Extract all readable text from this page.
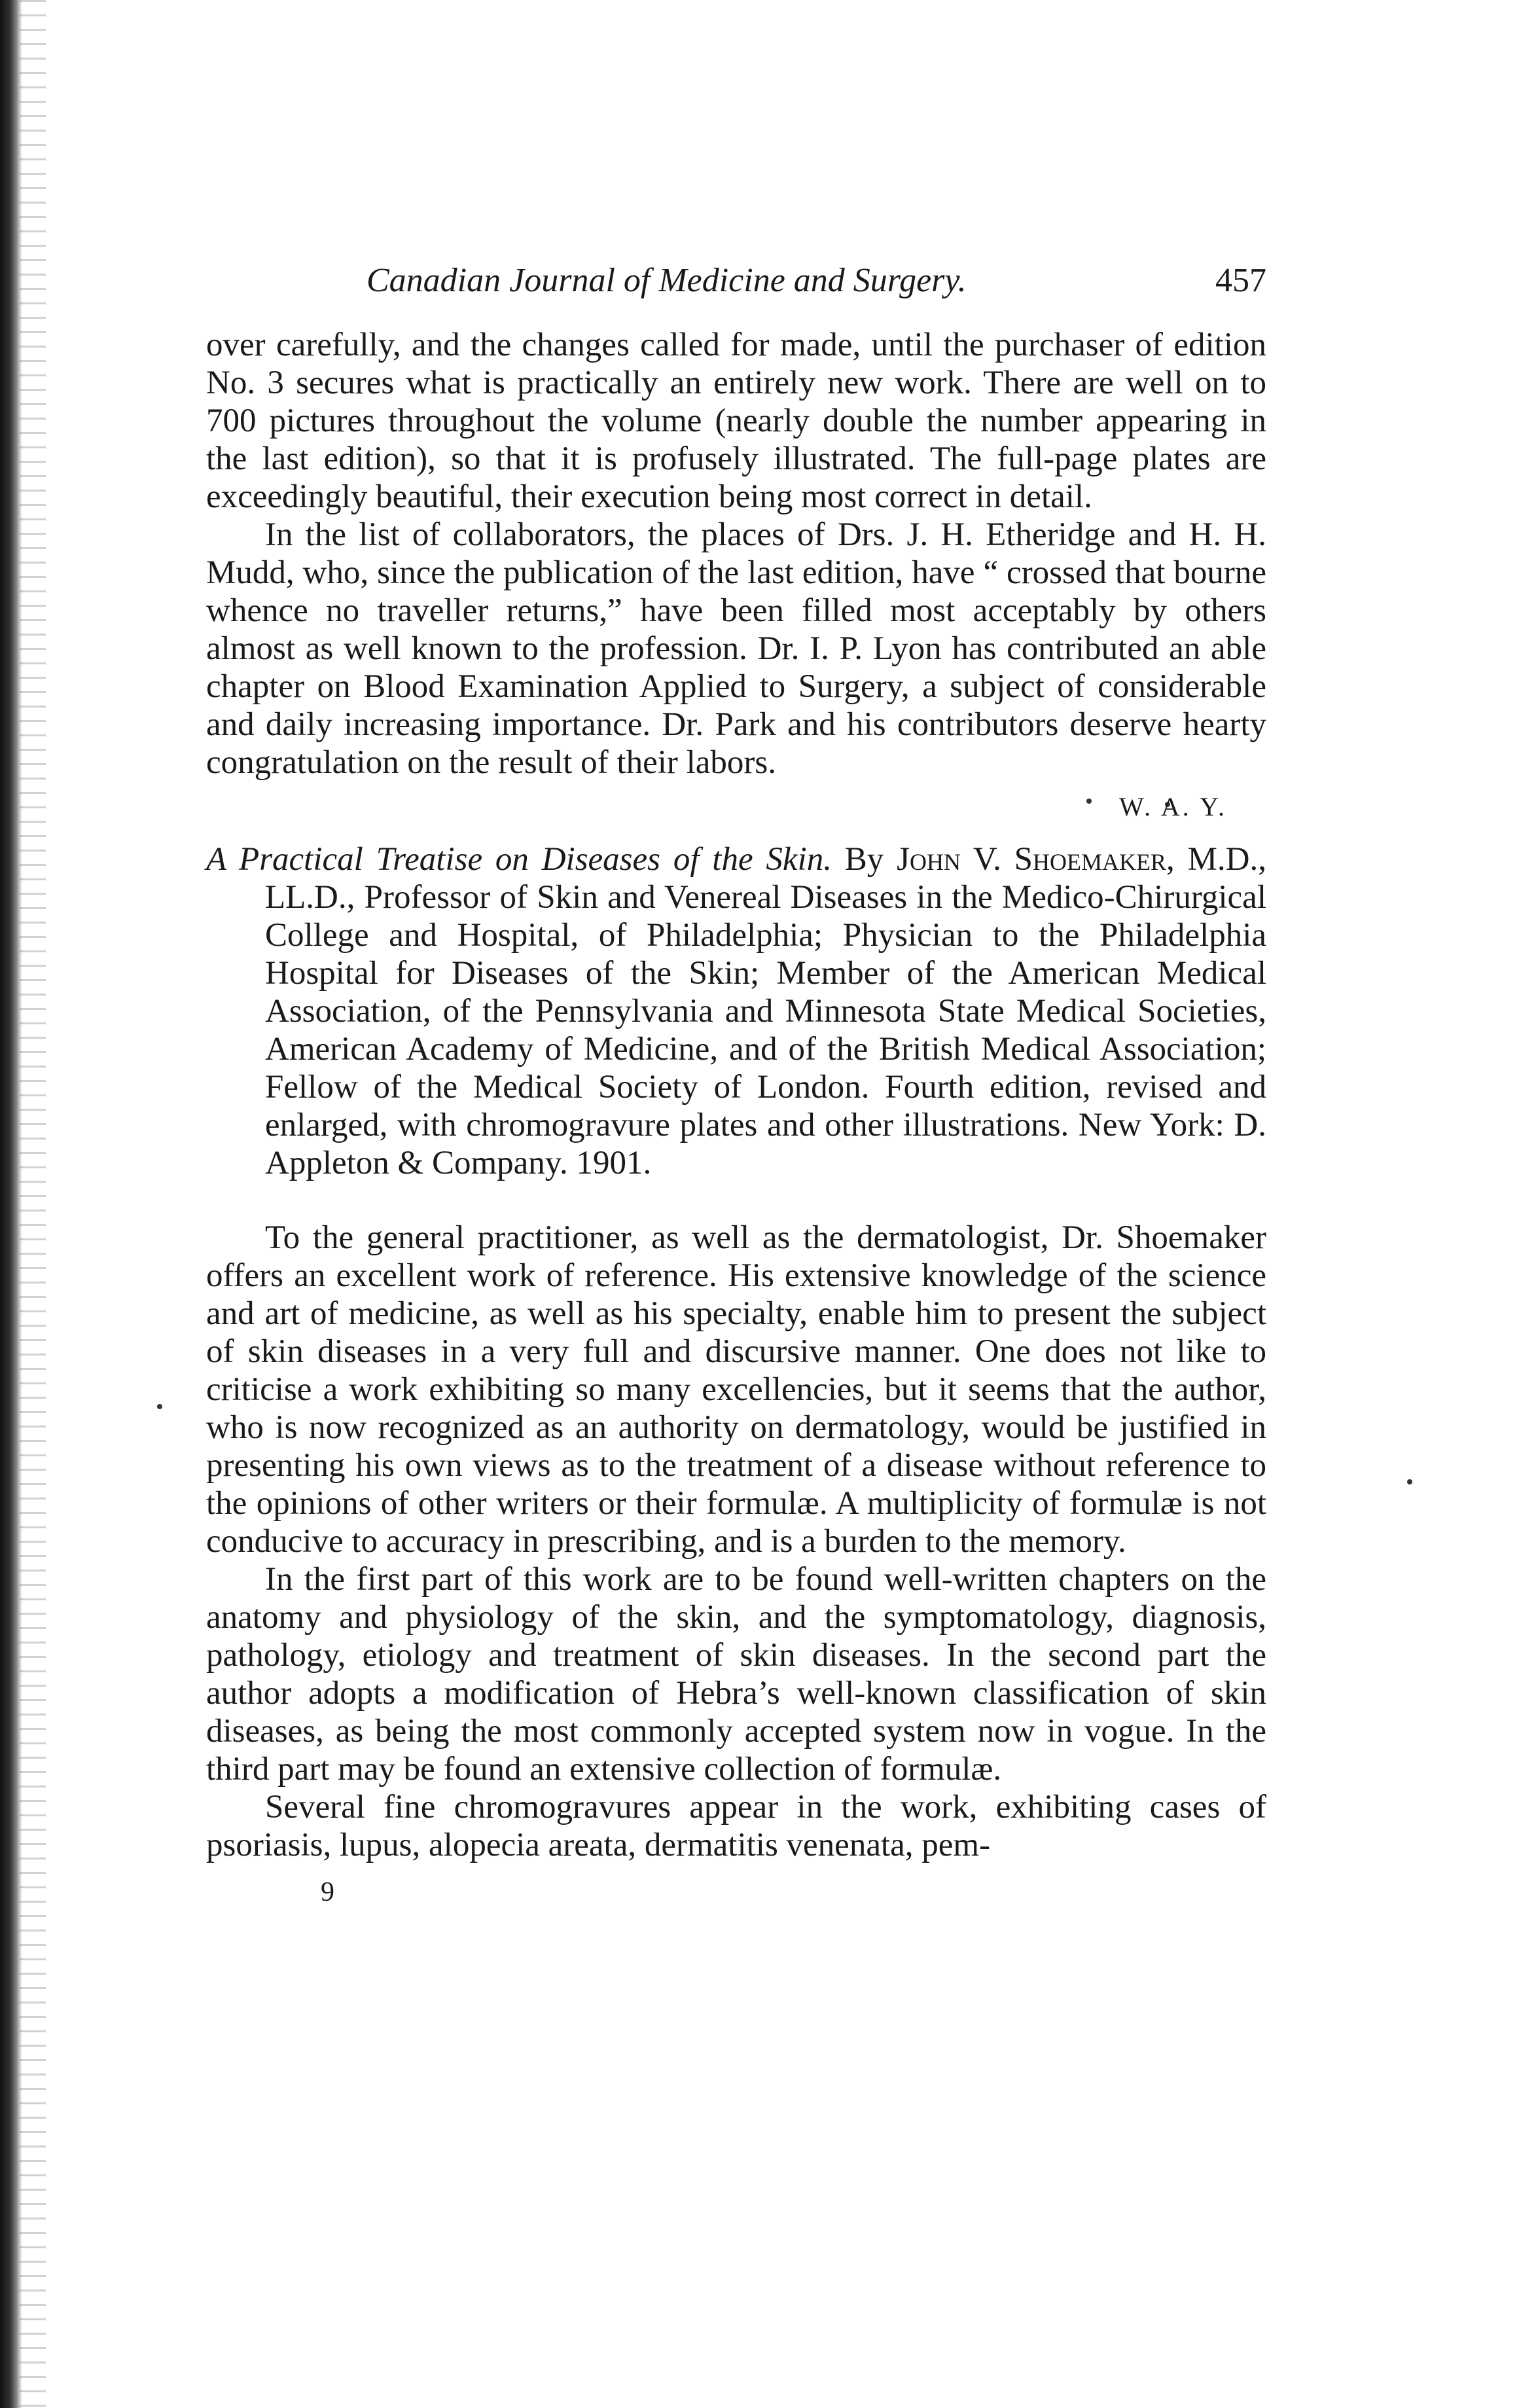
Canadian Journal of Medicine and Surgery.	457

over carefully, and the changes called for made, until the purchaser of edition No. 3 secures what is practically an entirely new work. There are well on to 700 pictures throughout the volume (nearly double the number appearing in the last edition), so that it is profusely illustrated. The full-page plates are exceedingly beautiful, their execution being most correct in detail.

In the list of collaborators, the places of Drs. J. H. Etheridge and H. H. Mudd, who, since the publication of the last edition, have “ crossed that bourne whence no traveller returns,” have been filled most acceptably by others almost as well known to the profession. Dr. I. P. Lyon has contributed an able chapter on Blood Examination Applied to Surgery, a subject of considerable and daily increasing importance. Dr. Park and his contributors deserve hearty congratulation on the result of their labors.

W. A. Y.

A Practical Treatise on Diseases of the Skin. By John V. Shoemaker, M.D., LL.D., Professor of Skin and Venereal Diseases in the Medico-Chirurgical College and Hospital, of Philadelphia; Physician to the Philadelphia Hospital for Diseases of the Skin; Member of the American Medical Association, of the Pennsylvania and Minnesota State Medical Societies, American Academy of Medicine, and of the British Medical Association; Fellow of the Medical Society of London. Fourth edition, revised and enlarged, with chromogravure plates and other illustrations. New York: D. Appleton & Company. 1901.

To the general practitioner, as well as the dermatologist, Dr. Shoemaker offers an excellent work of reference. His extensive knowledge of the science and art of medicine, as well as his specialty, enable him to present the subject of skin diseases in a very full and discursive manner. One does not like to criticise a work exhibiting so many excellencies, but it seems that the author, who is now recognized as an authority on dermatology, would be justified in presenting his own views as to the treatment of a disease without reference to the opinions of other writers or their formulæ. A multiplicity of formulæ is not conducive to accuracy in prescribing, and is a burden to the memory.

In the first part of this work are to be found well-written chapters on the anatomy and physiology of the skin, and the symptomatology, diagnosis, pathology, etiology and treatment of skin diseases. In the second part the author adopts a modification of Hebra’s well-known classification of skin diseases, as being the most commonly accepted system now in vogue. In the third part may be found an extensive collection of formulæ.

Several fine chromogravures appear in the work, exhibiting cases of psoriasis, lupus, alopecia areata, dermatitis venenata, pem-

9
